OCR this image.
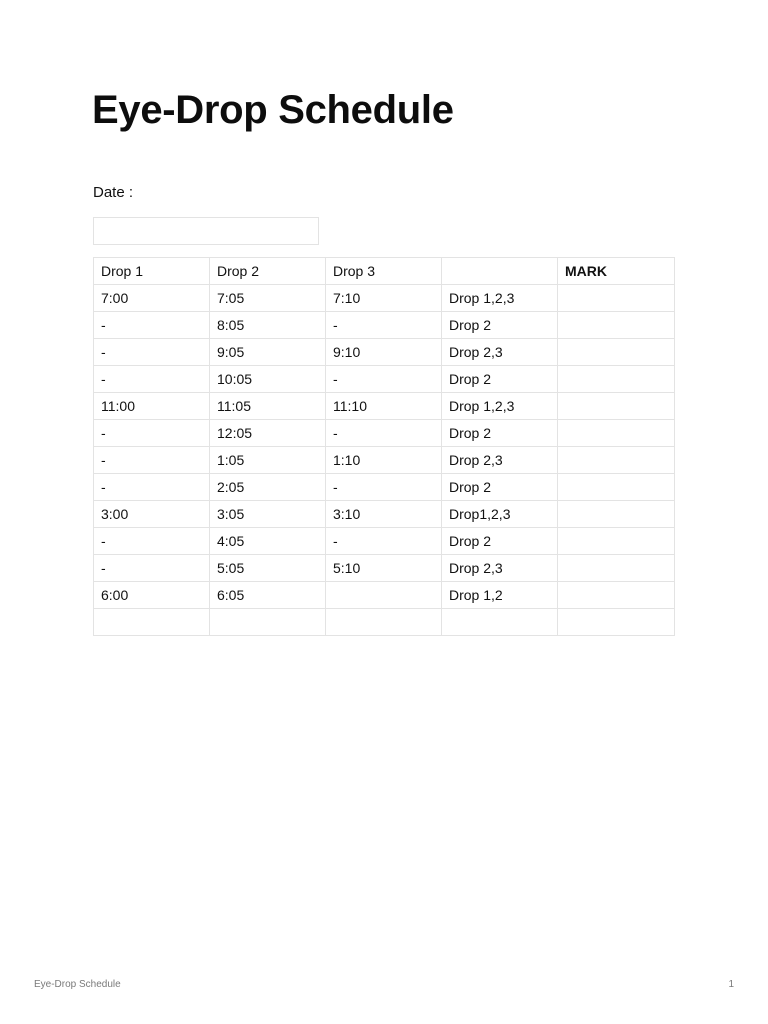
Eye-Drop Schedule
Date :
Drop 1	Drop 2	Drop 3		MARK
7:00	7:05	7:10	Drop 1,2,3	
-	8:05	-	Drop 2	
-	9:05	9:10	Drop 2,3	
-	10:05	-	Drop 2	
11:00	11:05	11:10	Drop 1,2,3	
-	12:05	-	Drop 2	
-	1:05	1:10	Drop 2,3	
-	2:05	-	Drop 2	
3:00	3:05	3:10	Drop1,2,3	
-	4:05	-	Drop 2	
-	5:05	5:10	Drop 2,3	
6:00	6:05		Drop 1,2	

Eye-Drop Schedule	1
